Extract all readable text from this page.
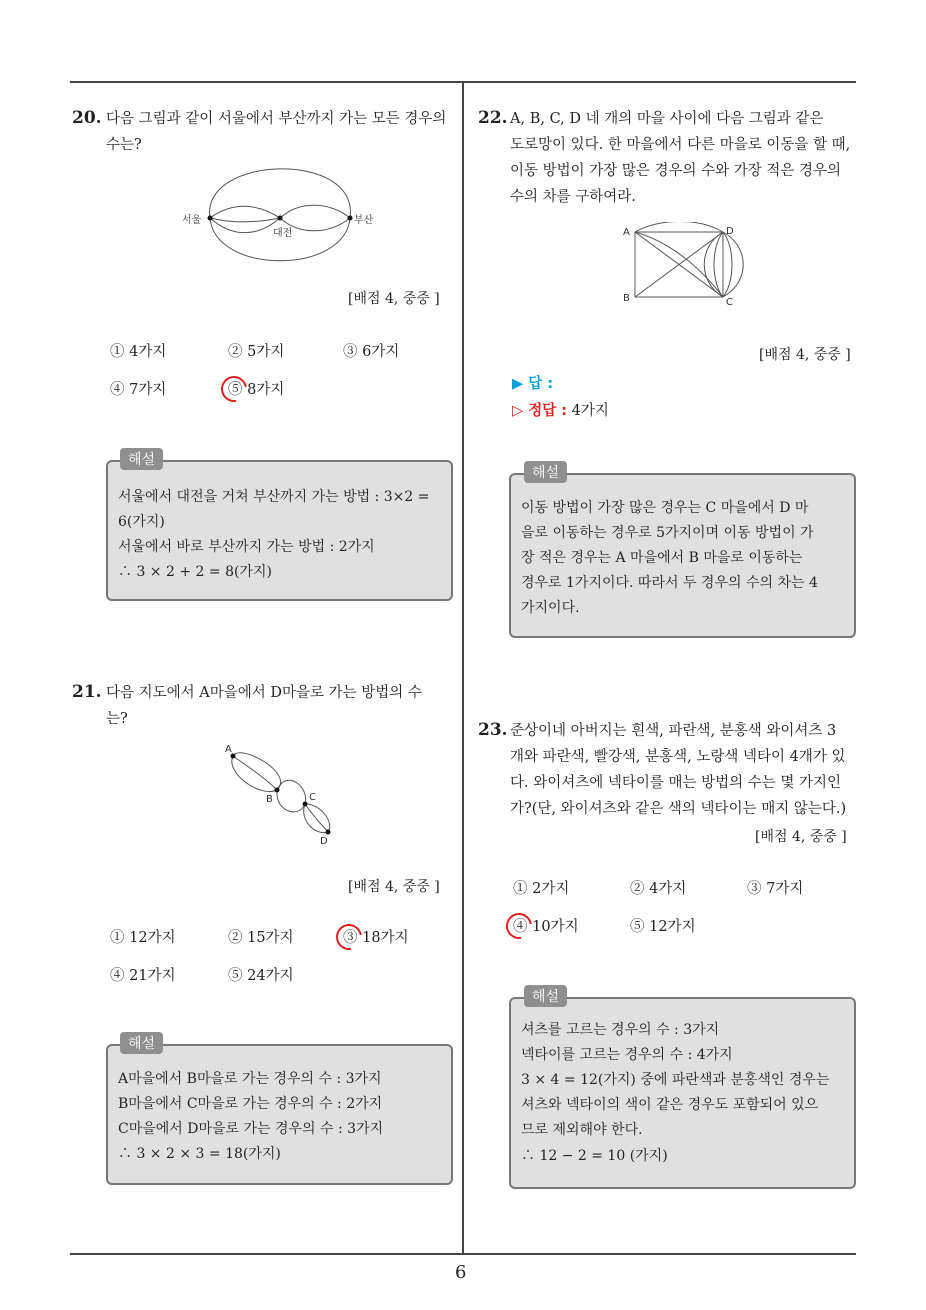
6
20. 다음 그림과 같이 서울에서 부산까지 가는 모든 경우의
수는?
서울
대전
부산
[배점 4, 중중 ]
① 4가지	② 5가지	③ 6가지
④ 7가지	⑤ 8가지
해설
서울에서 대전을 거쳐 부산까지 가는 방법 : 3×2 =
6(가지)
서울에서 바로 부산까지 가는 방법 : 2가지
∴ 3 × 2 + 2 = 8(가지)
21. 다음 지도에서 A마을에서 D마을로 가는 방법의 수
는?
A
B	C
D
[배점 4, 중중 ]
① 12가지	② 15가지	③ 18가지
④ 21가지	⑤ 24가지
해설
A마을에서 B마을로 가는 경우의 수 : 3가지
B마을에서 C마을로 가는 경우의 수 : 2가지
C마을에서 D마을로 가는 경우의 수 : 3가지
∴ 3 × 2 × 3 = 18(가지)
22. A, B, C, D 네 개의 마을 사이에 다음 그림과 같은
도로망이 있다. 한 마을에서 다른 마을로 이동을 할 때,
이동 방법이 가장 많은 경우의 수와 가장 적은 경우의
수의 차를 구하여라.
A
B	C
D
[배점 4, 중중 ]
▶ 답 :
▷ 정답 : 4가지
해설
이동 방법이 가장 많은 경우는 C 마을에서 D 마
을로 이동하는 경우로 5가지이며 이동 방법이 가
장 적은 경우는 A 마을에서 B 마을로 이동하는
경우로 1가지이다. 따라서 두 경우의 수의 차는 4
가지이다.
23. 준상이네 아버지는 흰색, 파란색, 분홍색 와이셔츠 3
개와 파란색, 빨강색, 분홍색, 노랑색 넥타이 4개가 있
다. 와이셔츠에 넥타이를 매는 방법의 수는 몇 가지인
가?(단, 와이셔츠와 같은 색의 넥타이는 매지 않는다.)
[배점 4, 중중 ]
① 2가지	② 4가지	③ 7가지
④ 10가지	⑤ 12가지
해설
셔츠를 고르는 경우의 수 : 3가지
넥타이를 고르는 경우의 수 : 4가지
3 × 4 = 12(가지) 중에 파란색과 분홍색인 경우는
셔츠와 넥타이의 색이 같은 경우도 포함되어 있으
므로 제외해야 한다.
∴ 12 − 2 = 10 (가지)
